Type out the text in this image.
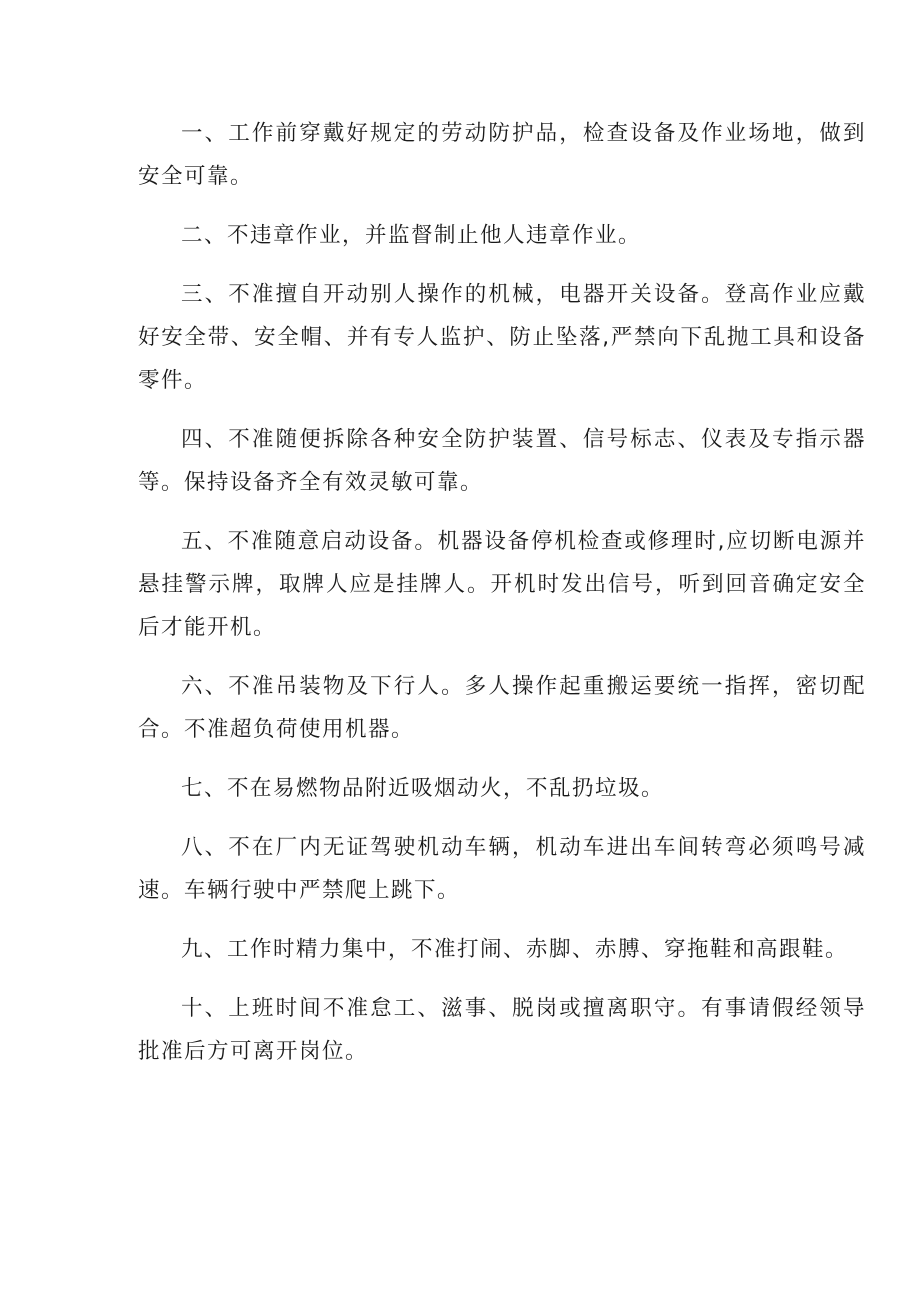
一、工作前穿戴好规定的劳动防护品，检查设备及作业场地，做到安全可靠。

二、不违章作业，并监督制止他人违章作业。

三、不准擅自开动别人操作的机械，电器开关设备。登高作业应戴好安全带、安全帽、并有专人监护、防止坠落,严禁向下乱抛工具和设备零件。

四、不准随便拆除各种安全防护装置、信号标志、仪表及专指示器等。保持设备齐全有效灵敏可靠。

五、不准随意启动设备。机器设备停机检查或修理时,应切断电源并悬挂警示牌，取牌人应是挂牌人。开机时发出信号，听到回音确定安全后才能开机。

六、不准吊装物及下行人。多人操作起重搬运要统一指挥，密切配合。不准超负荷使用机器。

七、不在易燃物品附近吸烟动火，不乱扔垃圾。

八、不在厂内无证驾驶机动车辆，机动车进出车间转弯必须鸣号减速。车辆行驶中严禁爬上跳下。

九、工作时精力集中，不准打闹、赤脚、赤膊、穿拖鞋和高跟鞋。

十、上班时间不准怠工、滋事、脱岗或擅离职守。有事请假经领导批准后方可离开岗位。
